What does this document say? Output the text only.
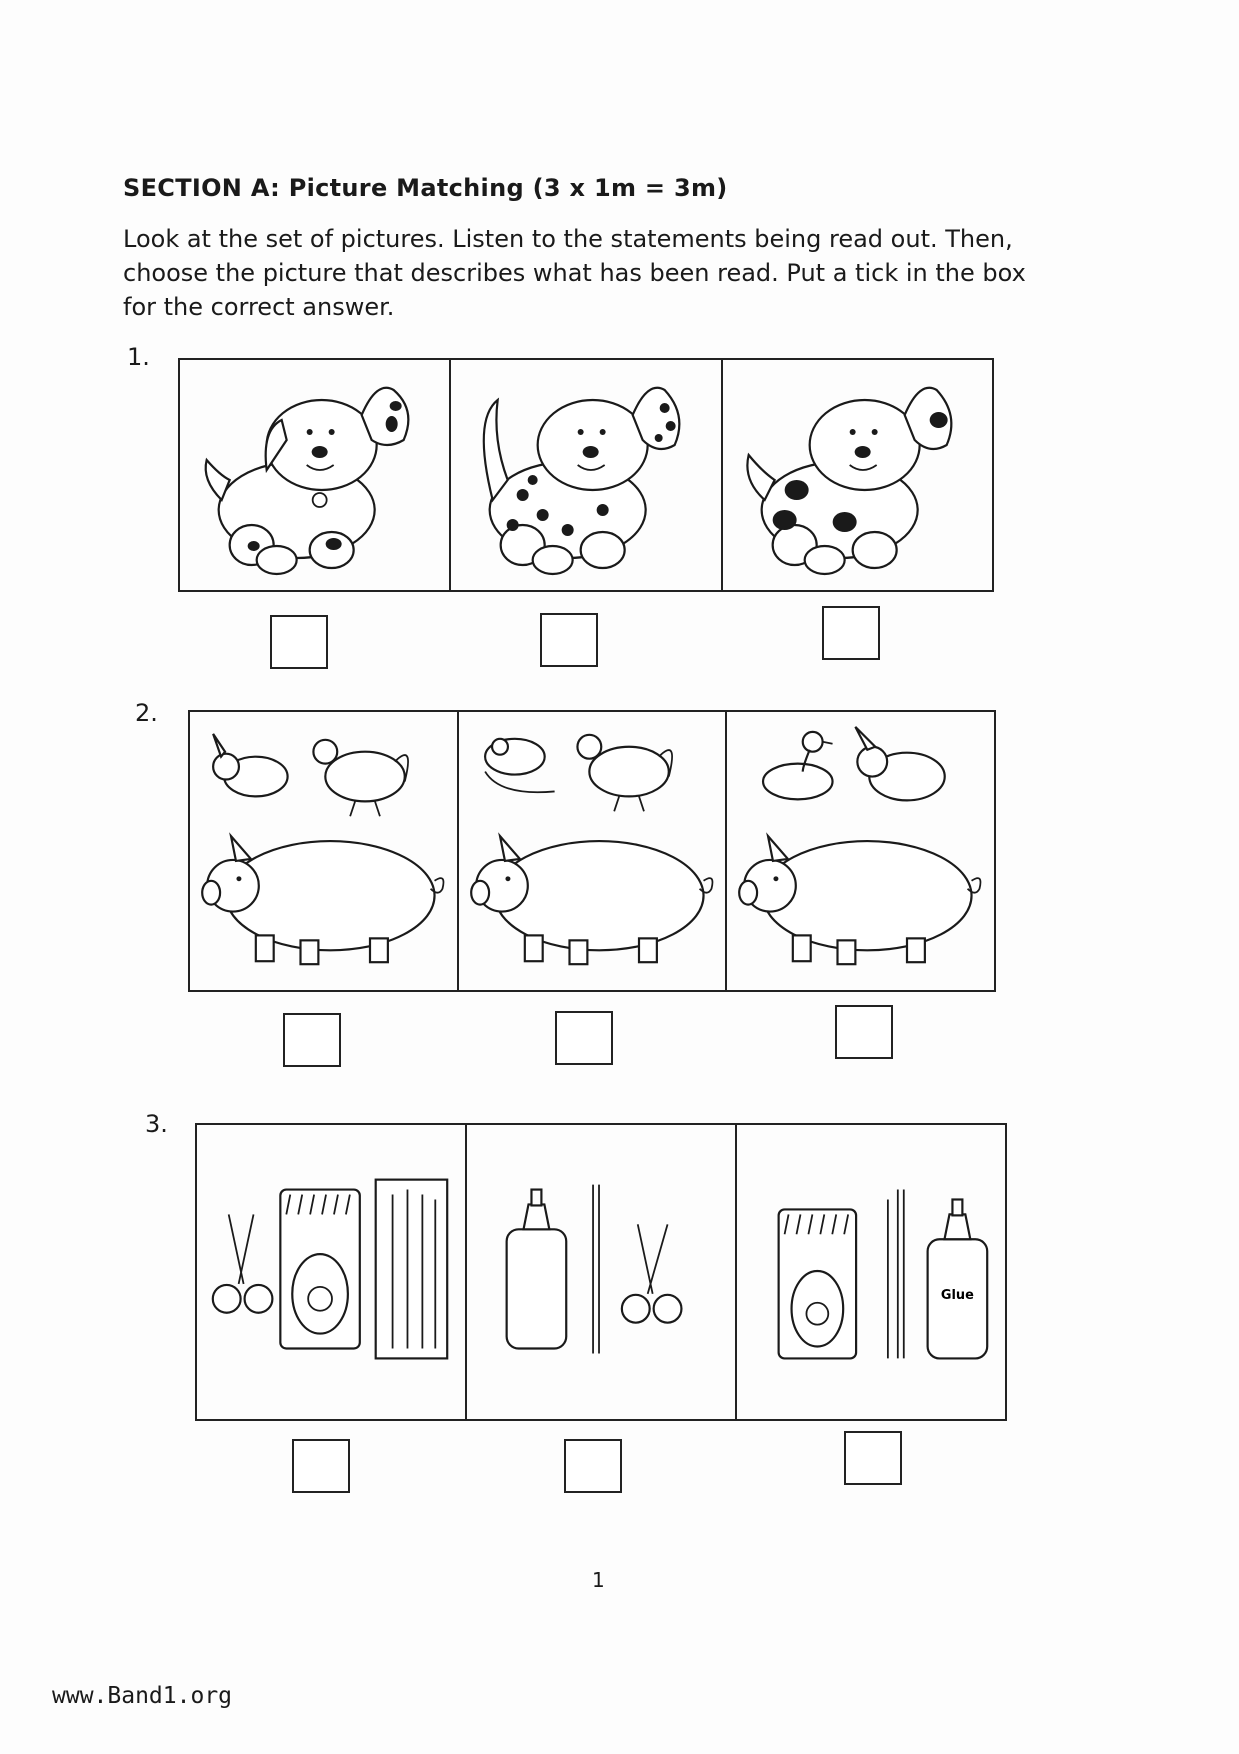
SECTION A: Picture Matching (3 x 1m = 3m)

Look at the set of pictures. Listen to the statements being read out. Then, choose the picture that describes what has been read. Put a tick in the box for the correct answer.

1.
2.
3.
Glue
1
www.Band1.org
